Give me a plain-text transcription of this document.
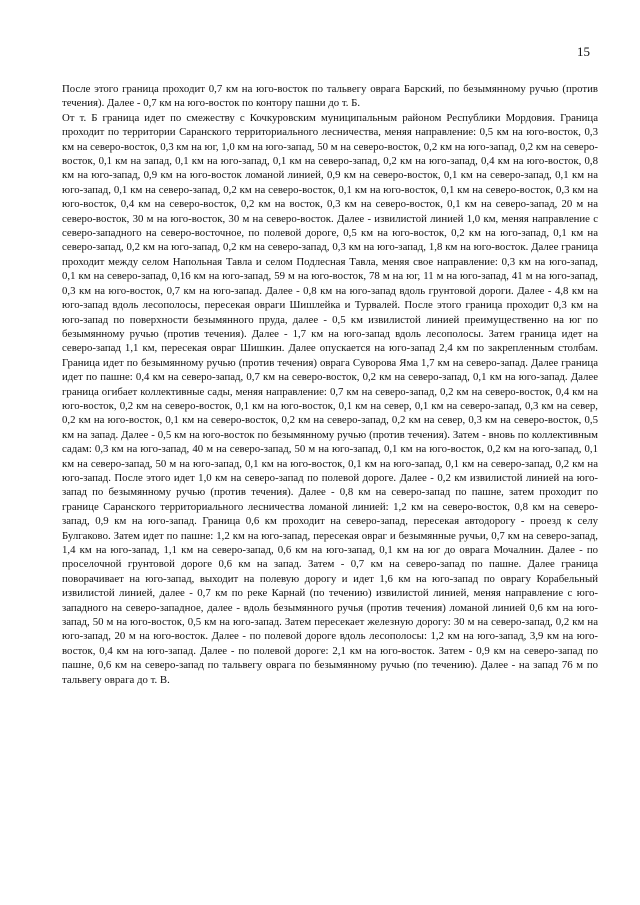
15

После этого граница проходит 0,7 км на юго-восток по тальвегу оврага Барский, по безымянному ручью (против течения). Далее - 0,7 км на юго-восток по контору пашни до т. Б.

От т. Б граница идет по смежеству с Кочкуровским муниципальным районом Республики Мордовия. Граница проходит по территории Саранского территориального лесничества, меняя направление: 0,5 км на юго-восток, 0,3 км на северо-восток, 0,3 км на юг, 1,0 км на юго-запад, 50 м на северо-восток, 0,2 км на юго-запад, 0,2 км на северо-восток, 0,1 км на запад, 0,1 км на юго-запад, 0,1 км на северо-запад, 0,2 км на юго-запад, 0,4 км на юго-восток, 0,8 км на юго-запад, 0,9 км на юго-восток ломаной линией, 0,9 км на северо-восток, 0,1 км на северо-запад, 0,1 км на юго-запад, 0,1 км на северо-запад, 0,2 км на северо-восток, 0,1 км на юго-восток, 0,1 км на северо-восток, 0,3 км на юго-восток, 0,4 км на северо-восток, 0,2 км на восток, 0,3 км на северо-восток, 0,1 км на северо-запад, 20 м на северо-восток, 30 м на юго-восток, 30 м на северо-восток. Далее - извилистой линией 1,0 км, меняя направление с северо-западного на северо-восточное, по полевой дороге, 0,5 км на юго-восток, 0,2 км на юго-запад, 0,1 км на северо-запад, 0,2 км на юго-запад, 0,2 км на северо-запад, 0,3 км на юго-запад, 1,8 км на юго-восток. Далее граница проходит между селом Напольная Тавла и селом Подлесная Тавла, меняя свое направление: 0,3 км на юго-запад, 0,1 км на северо-запад, 0,16 км на юго-запад, 59 м на юго-восток, 78 м на юг, 11 м на юго-запад, 41 м на юго-запад, 0,3 км на юго-восток, 0,7 км на юго-запад. Далее - 0,8 км на юго-запад вдоль грунтовой дороги. Далее - 4,8 км на юго-запад вдоль лесополосы, пересекая овраги Шишлейка и Турвалей. После этого граница проходит 0,3 км на юго-запад по поверхности безымянного пруда, далее - 0,5 км извилистой линией преимущественно на юг по безымянному ручью (против течения). Далее - 1,7 км на юго-запад вдоль лесополосы. Затем граница идет на северо-запад 1,1 км, пересекая овраг Шишкин. Далее опускается на юго-запад 2,4 км по закрепленным столбам. Граница идет по безымянному ручью (против течения) оврага Суворова Яма 1,7 км на северо-запад. Далее граница идет по пашне: 0,4 км на северо-запад, 0,7 км на северо-восток, 0,2 км на северо-запад, 0,1 км на юго-запад. Далее граница огибает коллективные сады, меняя направление: 0,7 км на северо-запад, 0,2 км на северо-восток, 0,4 км на юго-восток, 0,2 км на северо-восток, 0,1 км на юго-восток, 0,1 км на север, 0,1 км на северо-запад, 0,3 км на север, 0,2 км на юго-восток, 0,1 км на северо-восток, 0,2 км на северо-запад, 0,2 км на север, 0,3 км на северо-восток, 0,5 км на запад. Далее - 0,5 км на юго-восток по безымянному ручью (против течения). Затем - вновь по коллективным садам: 0,3 км на юго-запад, 40 м на северо-запад, 50 м на юго-запад, 0,1 км на юго-восток, 0,2 км на юго-запад, 0,1 км на северо-запад, 50 м на юго-запад, 0,1 км на юго-восток, 0,1 км на юго-запад, 0,1 км на северо-запад, 0,2 км на юго-запад. После этого идет 1,0 км на северо-запад по полевой дороге. Далее - 0,2 км извилистой линией на юго-запад по безымянному ручью (против течения). Далее - 0,8 км на северо-запад по пашне, затем проходит по границе Саранского территориального лесничества ломаной линией: 1,2 км на северо-восток, 0,8 км на северо-запад, 0,9 км на юго-запад. Граница 0,6 км проходит на северо-запад, пересекая автодорогу - проезд к селу Булгаково. Затем идет по пашне: 1,2 км на юго-запад, пересекая овраг и безымянные ручьи, 0,7 км на северо-запад, 1,4 км на юго-запад, 1,1 км на северо-запад, 0,6 км на юго-запад, 0,1 км на юг до оврага Мочалнин. Далее - по проселочной грунтовой дороге 0,6 км на запад. Затем - 0,7 км на северо-запад по пашне. Далее граница поворачивает на юго-запад, выходит на полевую дорогу и идет 1,6 км на юго-запад по оврагу Корабельный извилистой линией, далее - 0,7 км по реке Карнай (по течению) извилистой линией, меняя направление с юго-западного на северо-западное, далее - вдоль безымянного ручья (против течения) ломаной линией 0,6 км на юго-запад, 50 м на юго-восток, 0,5 км на юго-запад. Затем пересекает железную дорогу: 30 м на северо-запад, 0,2 км на юго-запад, 20 м на юго-восток. Далее - по полевой дороге вдоль лесополосы: 1,2 км на юго-запад, 3,9 км на юго-восток, 0,4 км на юго-запад. Далее - по полевой дороге: 2,1 км на юго-восток. Затем - 0,9 км на северо-запад по пашне, 0,6 км на северо-запад по тальвегу оврага по безымянному ручью (по течению). Далее - на запад 76 м по тальвегу оврага до т. В.
